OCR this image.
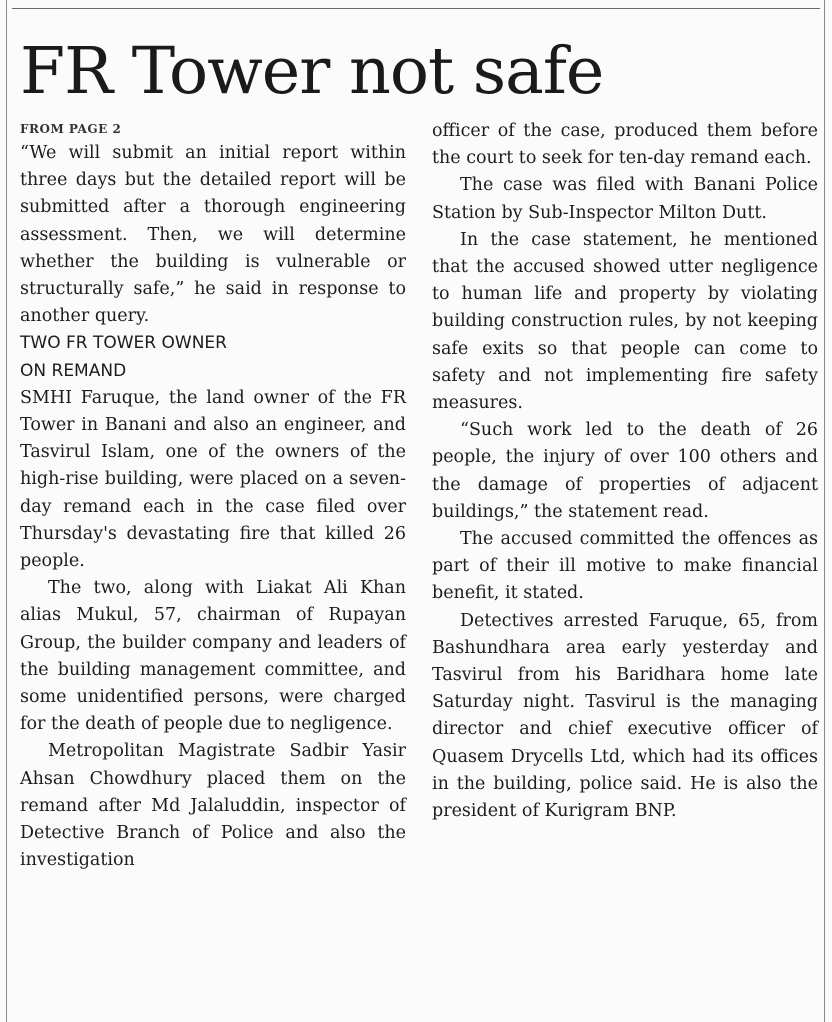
FR Tower not safe

FROM PAGE 2

“We will submit an initial report within three days but the detailed report will be submitted after a thorough engineering assessment. Then, we will determine whether the building is vulnerable or structurally safe,” he said in response to another query.

TWO FR TOWER OWNER
ON REMAND

SMHI Faruque, the land owner of the FR Tower in Banani and also an engineer, and Tasvirul Islam, one of the owners of the high-rise building, were placed on a seven-day remand each in the case filed over Thursday's devastating fire that killed 26 people.

The two, along with Liakat Ali Khan alias Mukul, 57, chairman of Rupayan Group, the builder company and leaders of the building management committee, and some unidentified persons, were charged for the death of people due to negligence.

Metropolitan Magistrate Sadbir Yasir Ahsan Chowdhury placed them on the remand after Md Jalaluddin, inspector of Detective Branch of Police and also the investigation

officer of the case, produced them before the court to seek for ten-day remand each.

The case was filed with Banani Police Station by Sub-Inspector Milton Dutt.

In the case statement, he mentioned that the accused showed utter negligence to human life and property by violating building construction rules, by not keeping safe exits so that people can come to safety and not implementing fire safety measures.

“Such work led to the death of 26 people, the injury of over 100 others and the damage of properties of adjacent buildings,” the statement read.

The accused committed the offences as part of their ill motive to make financial benefit, it stated.

Detectives arrested Faruque, 65, from Bashundhara area early yesterday and Tasvirul from his Baridhara home late Saturday night. Tasvirul is the managing director and chief executive officer of Quasem Drycells Ltd, which had its offices in the building, police said. He is also the president of Kurigram BNP.
